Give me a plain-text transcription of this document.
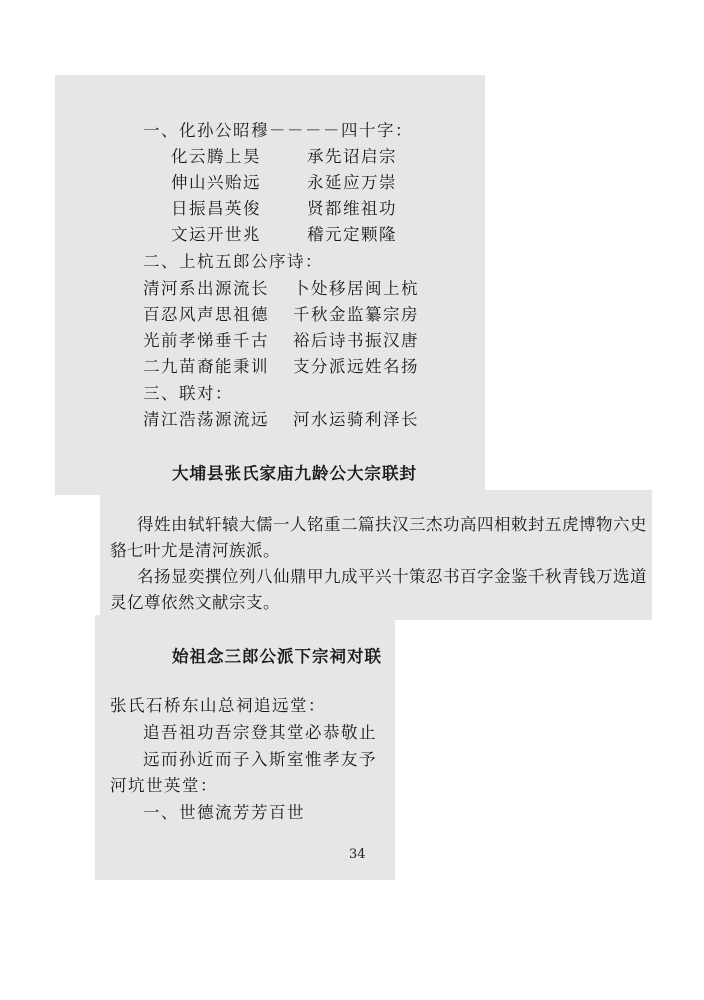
一、化孙公昭穆－－－－四十字：
化云腾上昊	承先诏启宗
伸山兴贻远	永延应万崇
日振昌英俊	贤都维祖功
文运开世兆	稽元定颗隆
二、上杭五郎公序诗：
清河系出源流长 卜处移居闽上杭
百忍风声思祖德 千秋金监纂宗房
光前孝悌垂千古 裕后诗书振汉唐
二九苗裔能秉训 支分派远姓名扬
三、联对：
清江浩荡源流远 河水运骑利泽长
大埔县张氏家庙九龄公大宗联封
得姓由轼轩辕大儒一人铭重二篇扶汉三杰功高四相敕封五虎博物六史
貉七叶尤是清河族派。
名扬显奕撰位列八仙鼎甲九成平兴十策忍书百字金鉴千秋青钱万选道
灵亿尊依然文献宗支。
始祖念三郎公派下宗祠对联
张氏石桥东山总祠追远堂：
追吾祖功吾宗登其堂必恭敬止
远而孙近而子入斯室惟孝友予
河坑世英堂：
一、世德流芳芳百世
34
